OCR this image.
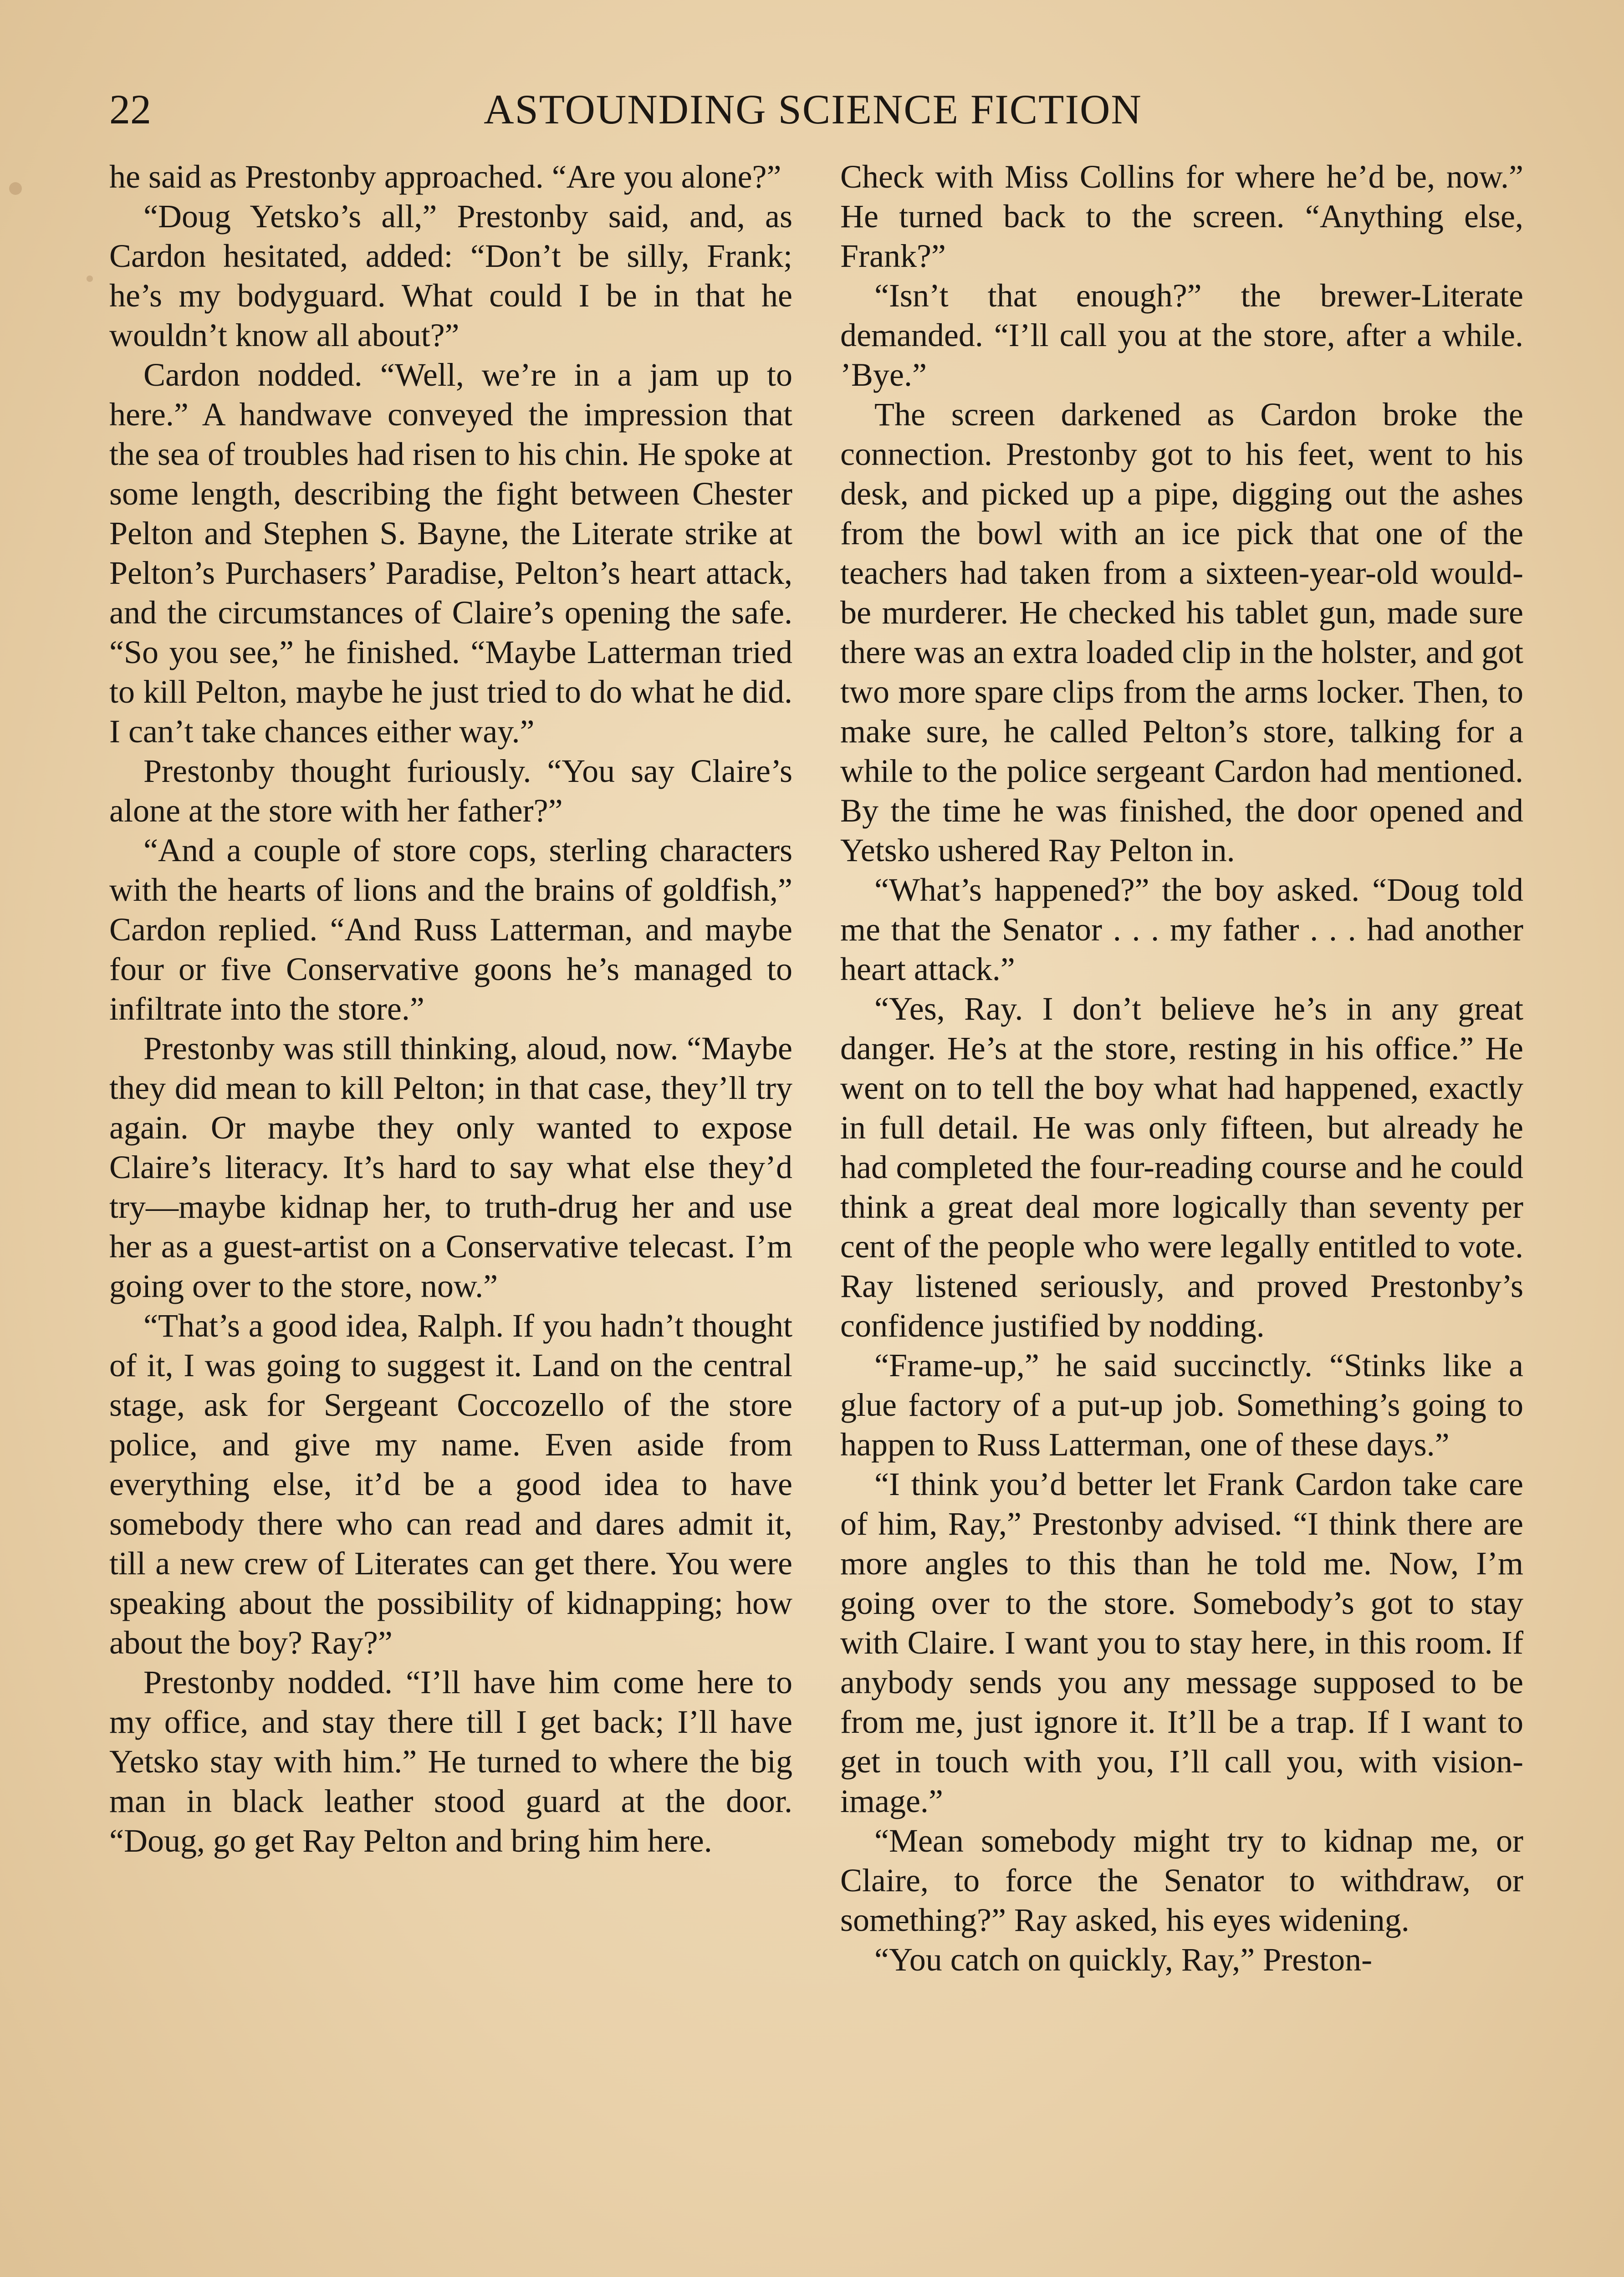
22	ASTOUNDING SCIENCE FICTION

he said as Prestonby approached. “Are you alone?”

“Doug Yetsko’s all,” Prestonby said, and, as Cardon hesitated, added: “Don’t be silly, Frank; he’s my bodyguard. What could I be in that he wouldn’t know all about?”

Cardon nodded. “Well, we’re in a jam up to here.” A handwave conveyed the impression that the sea of troubles had risen to his chin. He spoke at some length, describing the fight between Chester Pelton and Stephen S. Bayne, the Literate strike at Pelton’s Purchasers’ Paradise, Pelton’s heart attack, and the circumstances of Claire’s opening the safe. “So you see,” he finished. “Maybe Latterman tried to kill Pelton, maybe he just tried to do what he did. I can’t take chances either way.”

Prestonby thought furiously. “You say Claire’s alone at the store with her father?”

“And a couple of store cops, sterling characters with the hearts of lions and the brains of goldfish,” Cardon replied. “And Russ Latterman, and maybe four or five Conservative goons he’s managed to infiltrate into the store.”

Prestonby was still thinking, aloud, now. “Maybe they did mean to kill Pelton; in that case, they’ll try again. Or maybe they only wanted to expose Claire’s literacy. It’s hard to say what else they’d try—maybe kidnap her, to truth-drug her and use her as a guest-artist on a Conservative telecast. I’m going over to the store, now.”

“That’s a good idea, Ralph. If you hadn’t thought of it, I was going to suggest it. Land on the central stage, ask for Sergeant Coccozello of the store police, and give my name. Even aside from everything else, it’d be a good idea to have somebody there who can read and dares admit it, till a new crew of Literates can get there. You were speaking about the possibility of kidnapping; how about the boy? Ray?”

Prestonby nodded. “I’ll have him come here to my office, and stay there till I get back; I’ll have Yetsko stay with him.” He turned to where the big man in black leather stood guard at the door. “Doug, go get Ray Pelton and bring him here.

Check with Miss Collins for where he’d be, now.” He turned back to the screen. “Anything else, Frank?”

“Isn’t that enough?” the brewer-Literate demanded. “I’ll call you at the store, after a while. ’Bye.”

The screen darkened as Cardon broke the connection. Prestonby got to his feet, went to his desk, and picked up a pipe, digging out the ashes from the bowl with an ice pick that one of the teachers had taken from a sixteen-year-old would-be murderer. He checked his tablet gun, made sure there was an extra loaded clip in the holster, and got two more spare clips from the arms locker. Then, to make sure, he called Pelton’s store, talking for a while to the police sergeant Cardon had mentioned. By the time he was finished, the door opened and Yetsko ushered Ray Pelton in.

“What’s happened?” the boy asked. “Doug told me that the Senator . . . my father . . . had another heart attack.”

“Yes, Ray. I don’t believe he’s in any great danger. He’s at the store, resting in his office.” He went on to tell the boy what had happened, exactly in full detail. He was only fifteen, but already he had completed the four-reading course and he could think a great deal more logically than seventy per cent of the people who were legally entitled to vote. Ray listened seriously, and proved Prestonby’s confidence justified by nodding.

“Frame-up,” he said succinctly. “Stinks like a glue factory of a put-up job. Something’s going to happen to Russ Latterman, one of these days.”

“I think you’d better let Frank Cardon take care of him, Ray,” Prestonby advised. “I think there are more angles to this than he told me. Now, I’m going over to the store. Somebody’s got to stay with Claire. I want you to stay here, in this room. If anybody sends you any message supposed to be from me, just ignore it. It’ll be a trap. If I want to get in touch with you, I’ll call you, with vision-image.”

“Mean somebody might try to kidnap me, or Claire, to force the Senator to withdraw, or something?” Ray asked, his eyes widening.

“You catch on quickly, Ray,” Preston-
